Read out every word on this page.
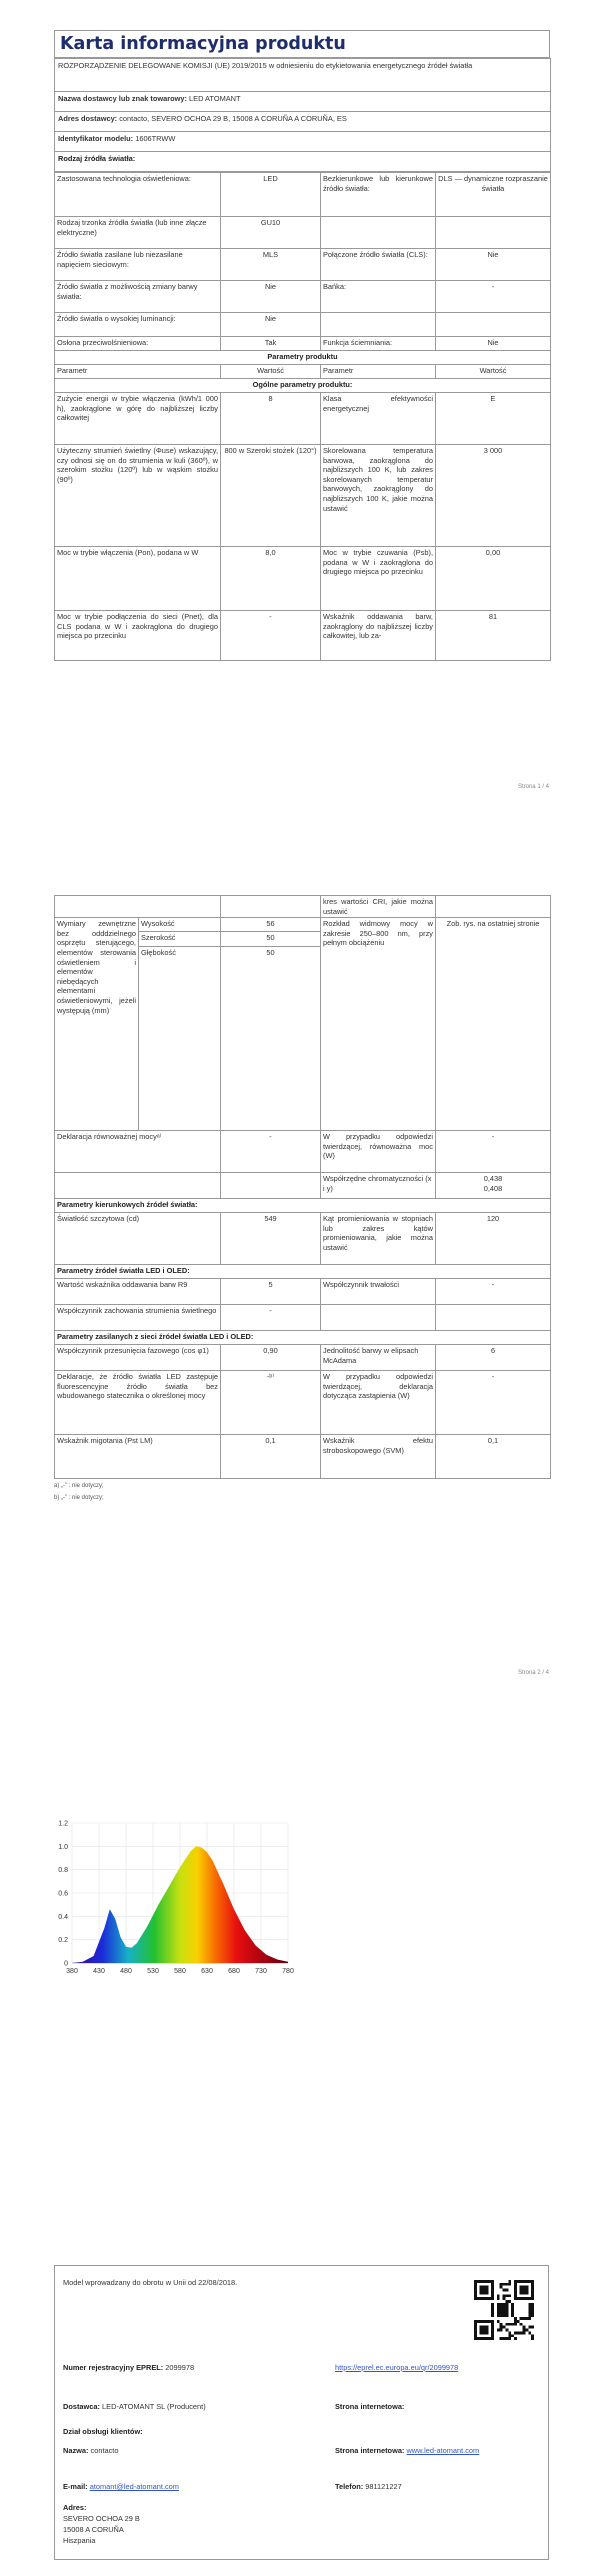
Karta informacyjna produktu
ROZPORZĄDZENIE DELEGOWANE KOMISJI (UE) 2019/2015 w odniesieniu do etykietowania energetycznego źródeł światła
Nazwa dostawcy lub znak towarowy: LED ATOMANT
Adres dostawcy: contacto, SEVERO OCHOA 29 B, 15008 A CORUÑA A CORUÑA, ES
Identyfikator modelu: 1606TRWW
Rodzaj źródła światła:
Zastosowana technologia oświetleniowa:	LED	Bezkierunkowe lub kierunkowe źródło światła:	DLS — dynamiczne rozpraszanie światła
Rodzaj trzonka źródła światła (lub inne złącze elektryczne)	GU10		
Źródło światła zasilane lub niezasilane napięciem sieciowym:	MLS	Połączone źródło światła (CLS):	Nie
Źródło światła z możliwością zmiany barwy światła:	Nie	Bańka:	-
Źródło światła o wysokiej luminancji:	Nie		
Osłona przeciwolśnieniowa:	Tak	Funkcja ściemniania:	Nie
Parametry produktu			
Parametr	Wartość	Parametr	Wartość
Ogólne parametry produktu:			
Zużycie energii w trybie włączenia (kWh/1 000 h), zaokrąglone w górę do najbliższej liczby całkowitej	8	Klasa efektywności energetycznej	E
Użyteczny strumień świetlny (Φuse) wskazujący, czy odnosi się on do strumienia w kuli (360º), w szerokim stożku (120º) lub w wąskim stożku (90º)	800 w Szeroki stożek (120°)	Skorelowana temperatura barwowa, zaokrąglona do najbliższych 100 K, lub zakres skorelowanych temperatur barwowych, zaokrąglony do najbliższych 100 K, jakie można ustawić	3 000
Moc w trybie włączenia (Pon), podana w W	8,0	Moc w trybie czuwania (Psb), podana w W i zaokrąglona do drugiego miejsca po przecinku	0,00
Moc w trybie podłączenia do sieci (Pnet), dla CLS podana w W i zaokrąglona do drugiego miejsca po przecinku	-	Wskaźnik oddawania barw, zaokrąglony do najbliższej liczby całkowitej, lub za-	81
Strona 1 / 4
			kres wartości CRI, jakie można ustawić	
Wymiary zewnętrzne bez odddzielnego osprzętu sterującego, elementów sterowania oświetleniem i elementów niebędących elementami oświetleniowymi, jeżeli występują (mm)	Wysokość	56	Rozkład widmowy mocy w zakresie 250–800 nm, przy pełnym obciążeniu	Zob. rys. na ostatniej stronie
	Szerokość	50		
	Głębokość	50		
Deklaracja równoważnej mocyᵃ⁾		-	W przypadku odpowiedzi twierdzącej, równoważna moc (W)	-
			Współrzędne chromatyczności (x i y)	0,438
0,408
Parametry kierunkowych źródeł światła:				
Światłość szczytowa (cd)		549	Kąt promieniowania w stopniach lub zakres kątów promieniowania, jakie można ustawić	120
Parametry źródeł światła LED i OLED:				
Wartość wskaźnika oddawania barw R9		5	Współczynnik trwałości	-
Współczynnik zachowania strumienia świetlnego		-		
Parametry zasilanych z sieci źródeł światła LED i OLED:				
Współczynnik przesunięcia fazowego (cos φ1)		0,90	Jednolitość barwy w elipsach McAdama	6
Deklaracje, że źródło światła LED zastępuje fluorescencyjne źródło światła bez wbudowanego statecznika o określonej mocy		-ᵇ⁾	W przypadku odpowiedzi twierdzącej, deklaracja dotycząca zastąpienia (W)	-
Wskaźnik migotania (Pst LM)		0,1	Wskaźnik efektu stroboskopowego (SVM)	0,1
a) „-” : nie dotyczy;
b) „-” : nie dotyczy;
Strona 2 / 4
0
0.2
0.4
0.6
0.8
1.0
1.2
380 430 480 530 580 630 680 730 780
Model wprowadzany do obrotu w Unii od 22/08/2018.
Numer rejestracyjny EPREL: 2099978	https://eprel.ec.europa.eu/qr/2099978
Dostawca: LED-ATOMANT SL (Producent)	Strona internetowa:
Dział obsługi klientów:
Nazwa: contacto	Strona internetowa: www.led-atomant.com
E-mail: atomant@led-atomant.com	Telefon: 981121227
Adres:
SEVERO OCHOA 29 B
15008 A CORUÑA
Hiszpania
